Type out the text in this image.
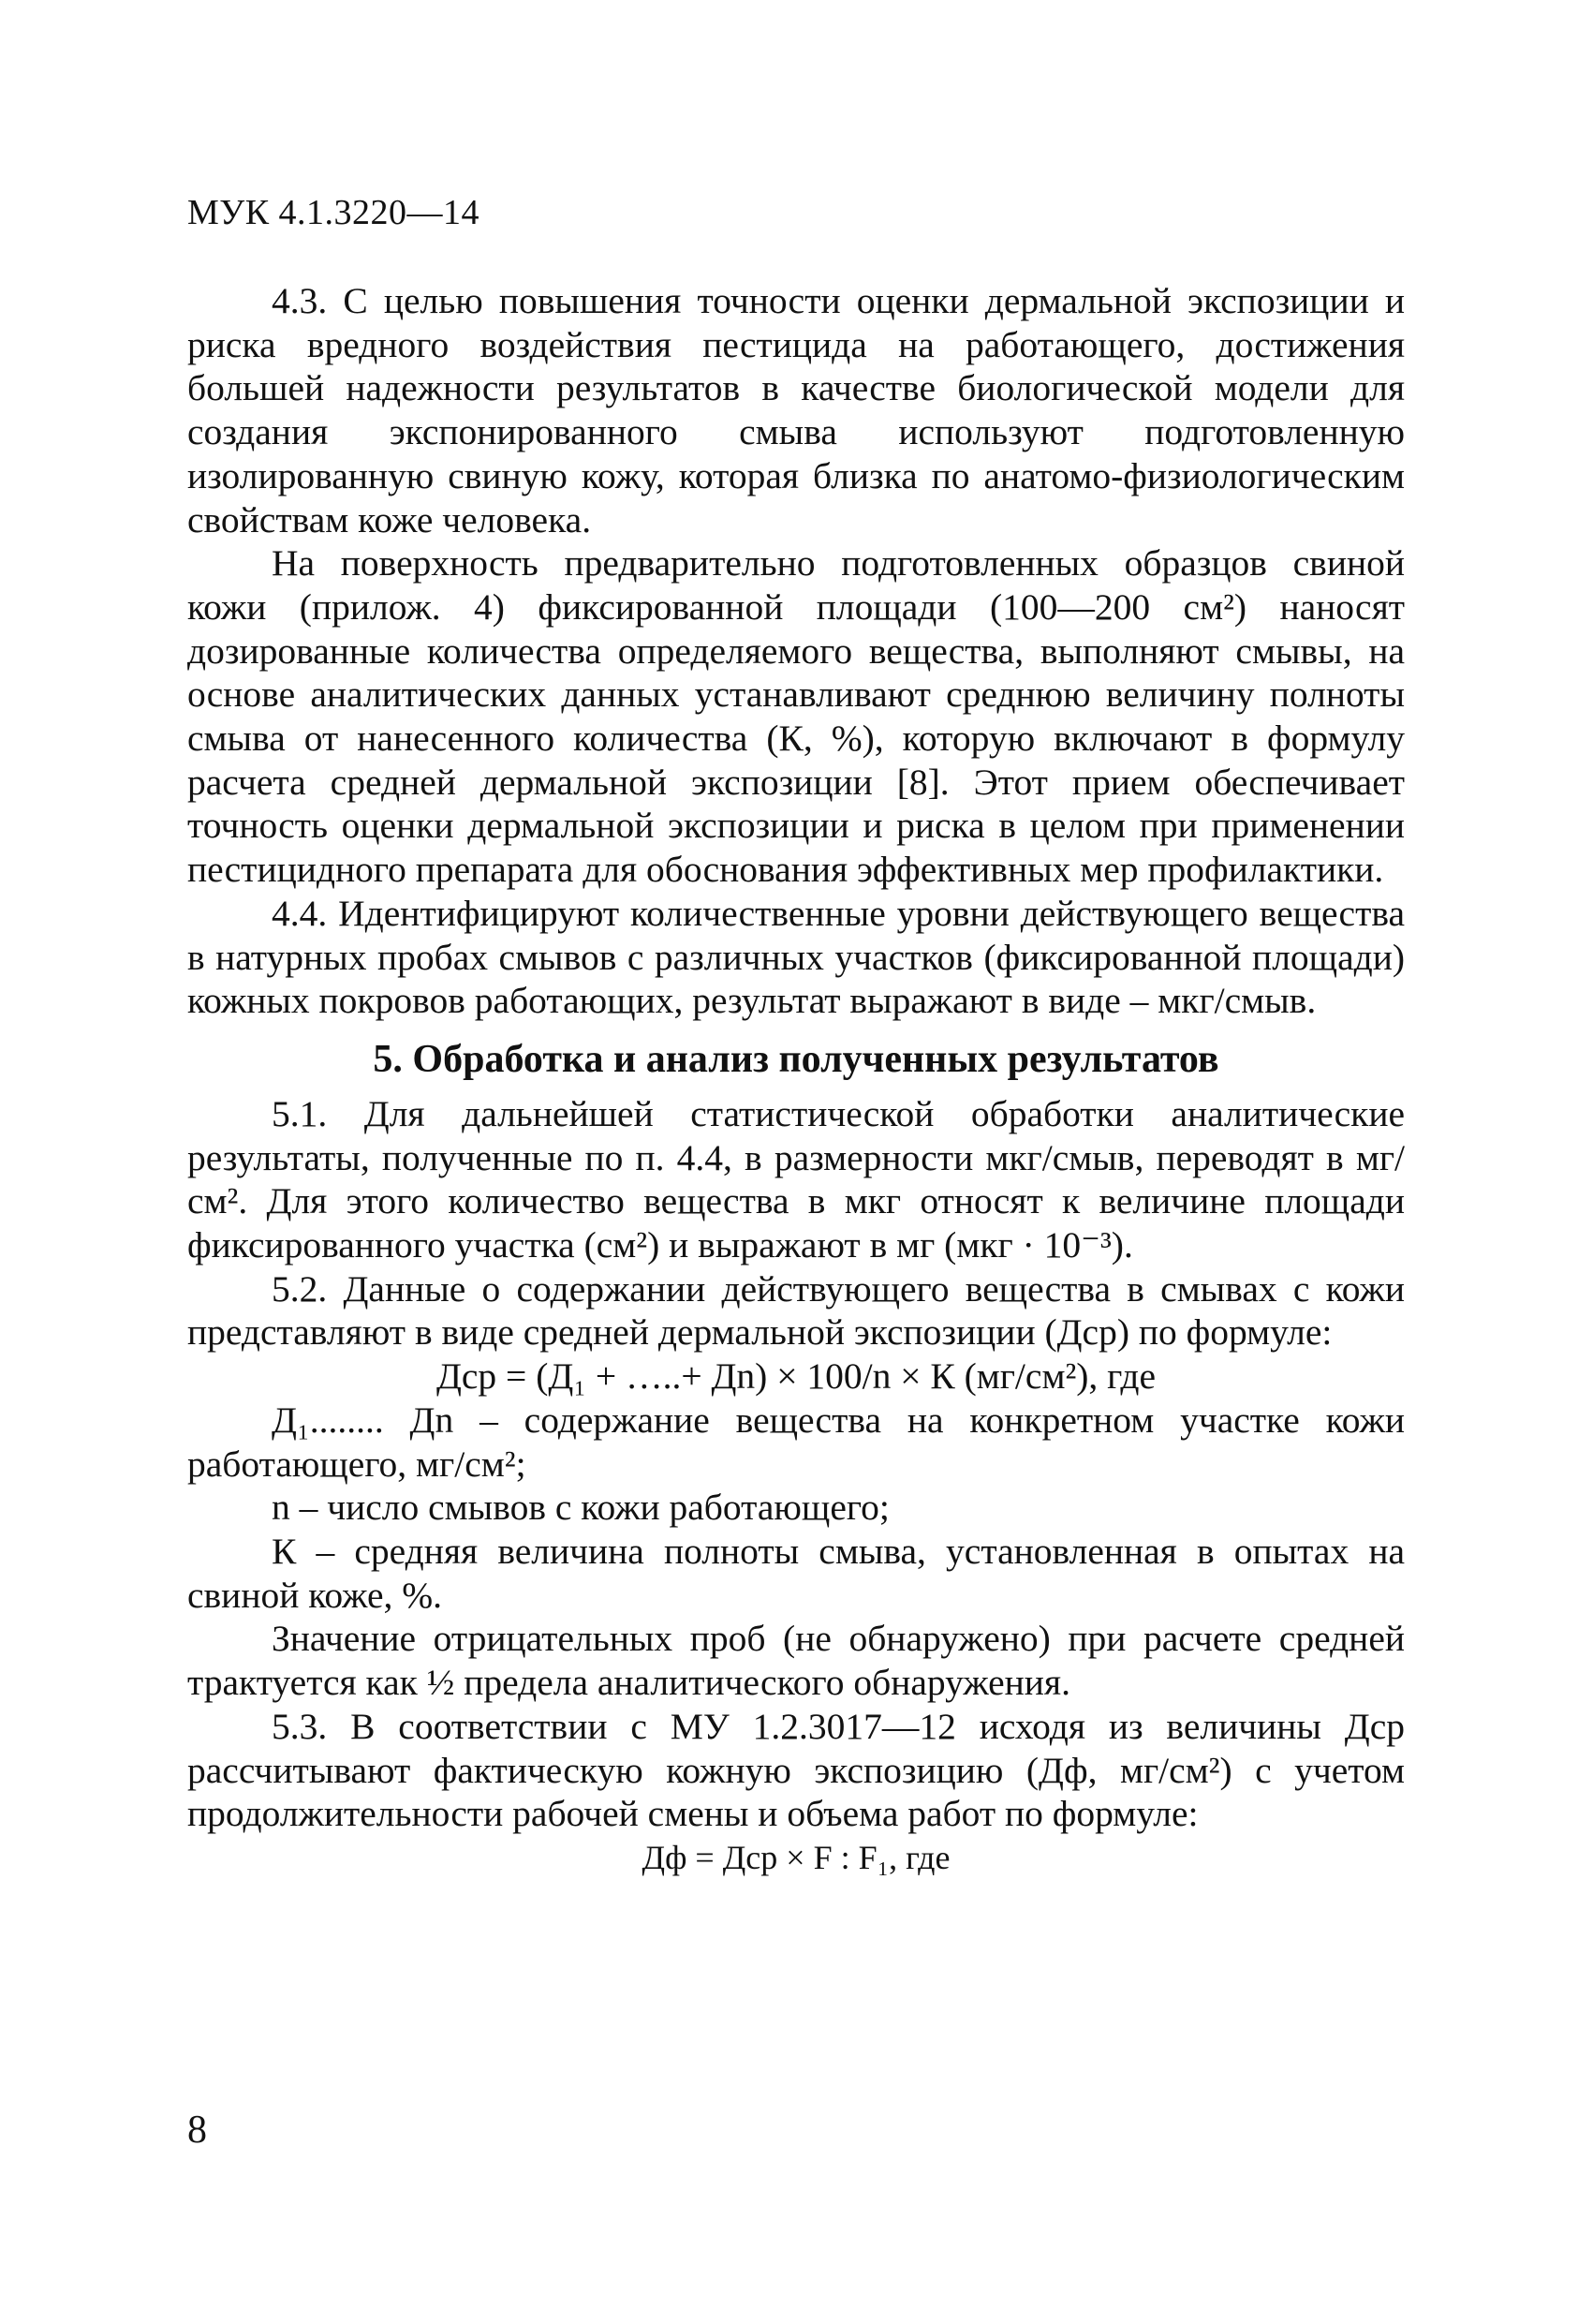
МУК 4.1.3220—14

4.3. С целью повышения точности оценки дермальной экспозиции и риска вредного воздействия пестицида на работающего, достижения большей надежности результатов в качестве биологической модели для создания экспонированного смыва используют подготовленную изолированную свиную кожу, которая близка по анатомо-физиологическим свойствам коже человека.

На поверхность предварительно подготовленных образцов свиной кожи (прилож. 4) фиксированной площади (100—200 см²) наносят дозированные количества определяемого вещества, выполняют смывы, на основе аналитических данных устанавливают среднюю величину полноты смыва от нанесенного количества (К, %), которую включают в формулу расчета средней дермальной экспозиции [8]. Этот прием обеспечивает точность оценки дермальной экспозиции и риска в целом при применении пестицидного препарата для обоснования эффективных мер профилактики.

4.4. Идентифицируют количественные уровни действующего вещества в натурных пробах смывов с различных участков (фиксированной площади) кожных покровов работающих, результат выражают в виде – мкг/смыв.

5. Обработка и анализ полученных результатов

5.1. Для дальнейшей статистической обработки аналитические результаты, полученные по п. 4.4, в размерности мкг/смыв, переводят в мг/см². Для этого количество вещества в мкг относят к величине площади фиксированного участка (см²) и выражают в мг (мкг · 10⁻³).

5.2. Данные о содержании действующего вещества в смывах с кожи представляют в виде средней дермальной экспозиции (Дср) по формуле:

Дср = (Д₁ + …..+ Дn) × 100/n × К (мг/см²), где

Д₁........ Дn – содержание вещества на конкретном участке кожи работающего, мг/см²;

n – число смывов с кожи работающего;

К – средняя величина полноты смыва, установленная в опытах на свиной коже, %.

Значение отрицательных проб (не обнаружено) при расчете средней трактуется как ½ предела аналитического обнаружения.

5.3. В соответствии с МУ 1.2.3017—12 исходя из величины Дср рассчитывают фактическую кожную экспозицию (Дф, мг/см²) с учетом продолжительности рабочей смены и объема работ по формуле:

Дф = Дср × F : F₁, где

8
